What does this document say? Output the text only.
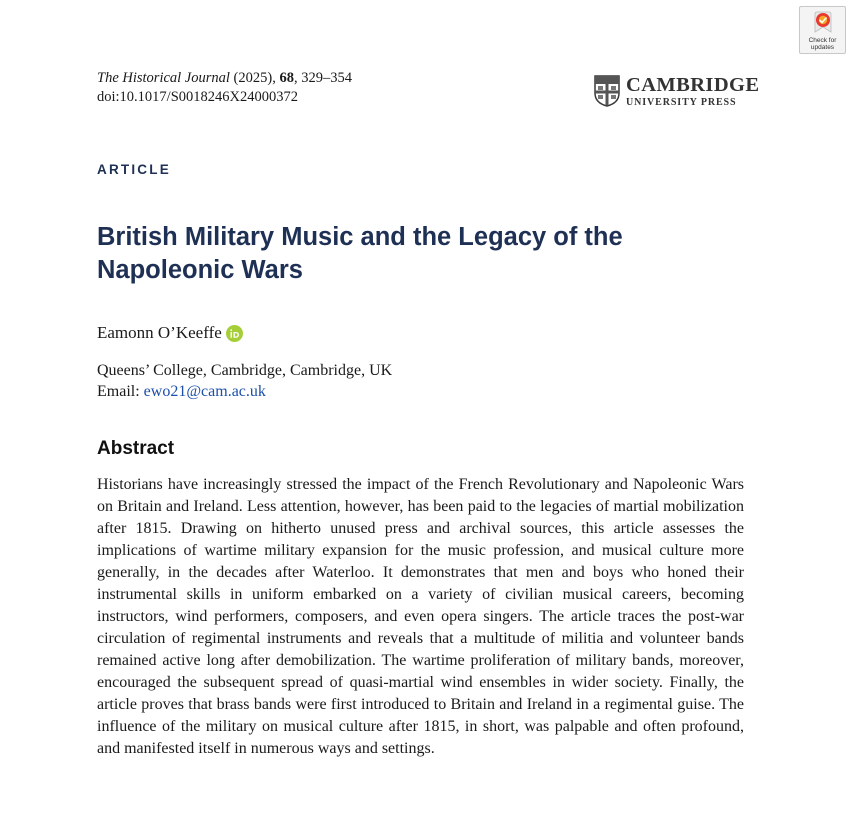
Check for
updates
The Historical Journal (2025), 68, 329–354
doi:10.1017/S0018246X24000372
CAMBRIDGE
UNIVERSITY PRESS
ARTICLE
British Military Music and the Legacy of the Napoleonic Wars
Eamonn O’Keeffe
Queens’ College, Cambridge, Cambridge, UK
Email: ewo21@cam.ac.uk
Abstract

Historians have increasingly stressed the impact of the French Revolutionary and Napoleonic Wars on Britain and Ireland. Less attention, however, has been paid to the legacies of martial mobilization after 1815. Drawing on hitherto unused press and archival sources, this article assesses the implications of wartime military expansion for the music profession, and musical culture more generally, in the decades after Waterloo. It demonstrates that men and boys who honed their instrumental skills in uniform embarked on a variety of civilian musical careers, becoming instructors, wind performers, composers, and even opera singers. The article traces the post-war circulation of regimental instruments and reveals that a multitude of militia and volunteer bands remained active long after demobilization. The wartime proliferation of military bands, moreover, encouraged the subsequent spread of quasi-martial wind ensembles in wider society. Finally, the article proves that brass bands were first introduced to Britain and Ireland in a regimental guise. The influence of the military on musical culture after 1815, in short, was palpable and often profound, and manifested itself in numerous ways and settings.
